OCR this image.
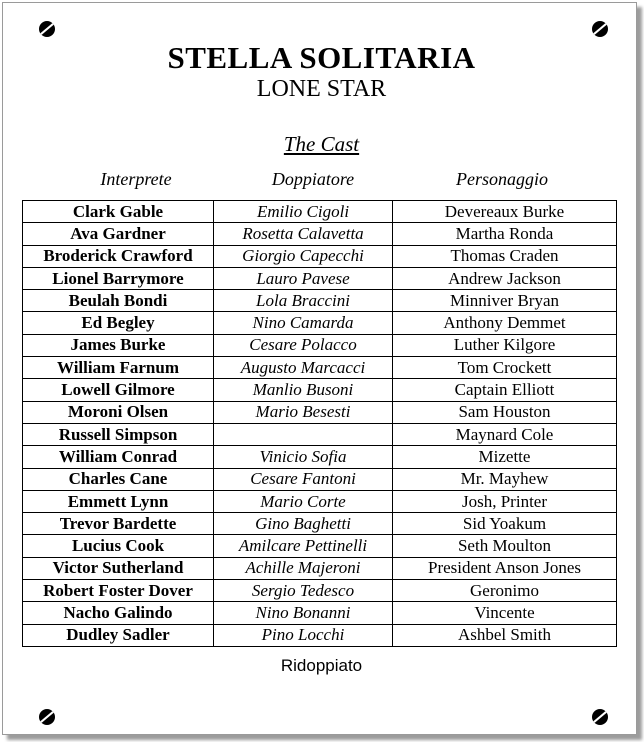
STELLA SOLITARIA
LONE STAR
The Cast
Interprete	Doppiatore	Personaggio
Clark Gable	Emilio Cigoli	Devereaux Burke
Ava Gardner	Rosetta Calavetta	Martha Ronda
Broderick Crawford	Giorgio Capecchi	Thomas Craden
Lionel Barrymore	Lauro Pavese	Andrew Jackson
Beulah Bondi	Lola Braccini	Minniver Bryan
Ed Begley	Nino Camarda	Anthony Demmet
James Burke	Cesare Polacco	Luther Kilgore
William Farnum	Augusto Marcacci	Tom Crockett
Lowell Gilmore	Manlio Busoni	Captain Elliott
Moroni Olsen	Mario Besesti	Sam Houston
Russell Simpson		Maynard Cole
William Conrad	Vinicio Sofia	Mizette
Charles Cane	Cesare Fantoni	Mr. Mayhew
Emmett Lynn	Mario Corte	Josh, Printer
Trevor Bardette	Gino Baghetti	Sid Yoakum
Lucius Cook	Amilcare Pettinelli	Seth Moulton
Victor Sutherland	Achille Majeroni	President Anson Jones
Robert Foster Dover	Sergio Tedesco	Geronimo
Nacho Galindo	Nino Bonanni	Vincente
Dudley Sadler	Pino Locchi	Ashbel Smith
Ridoppiato
